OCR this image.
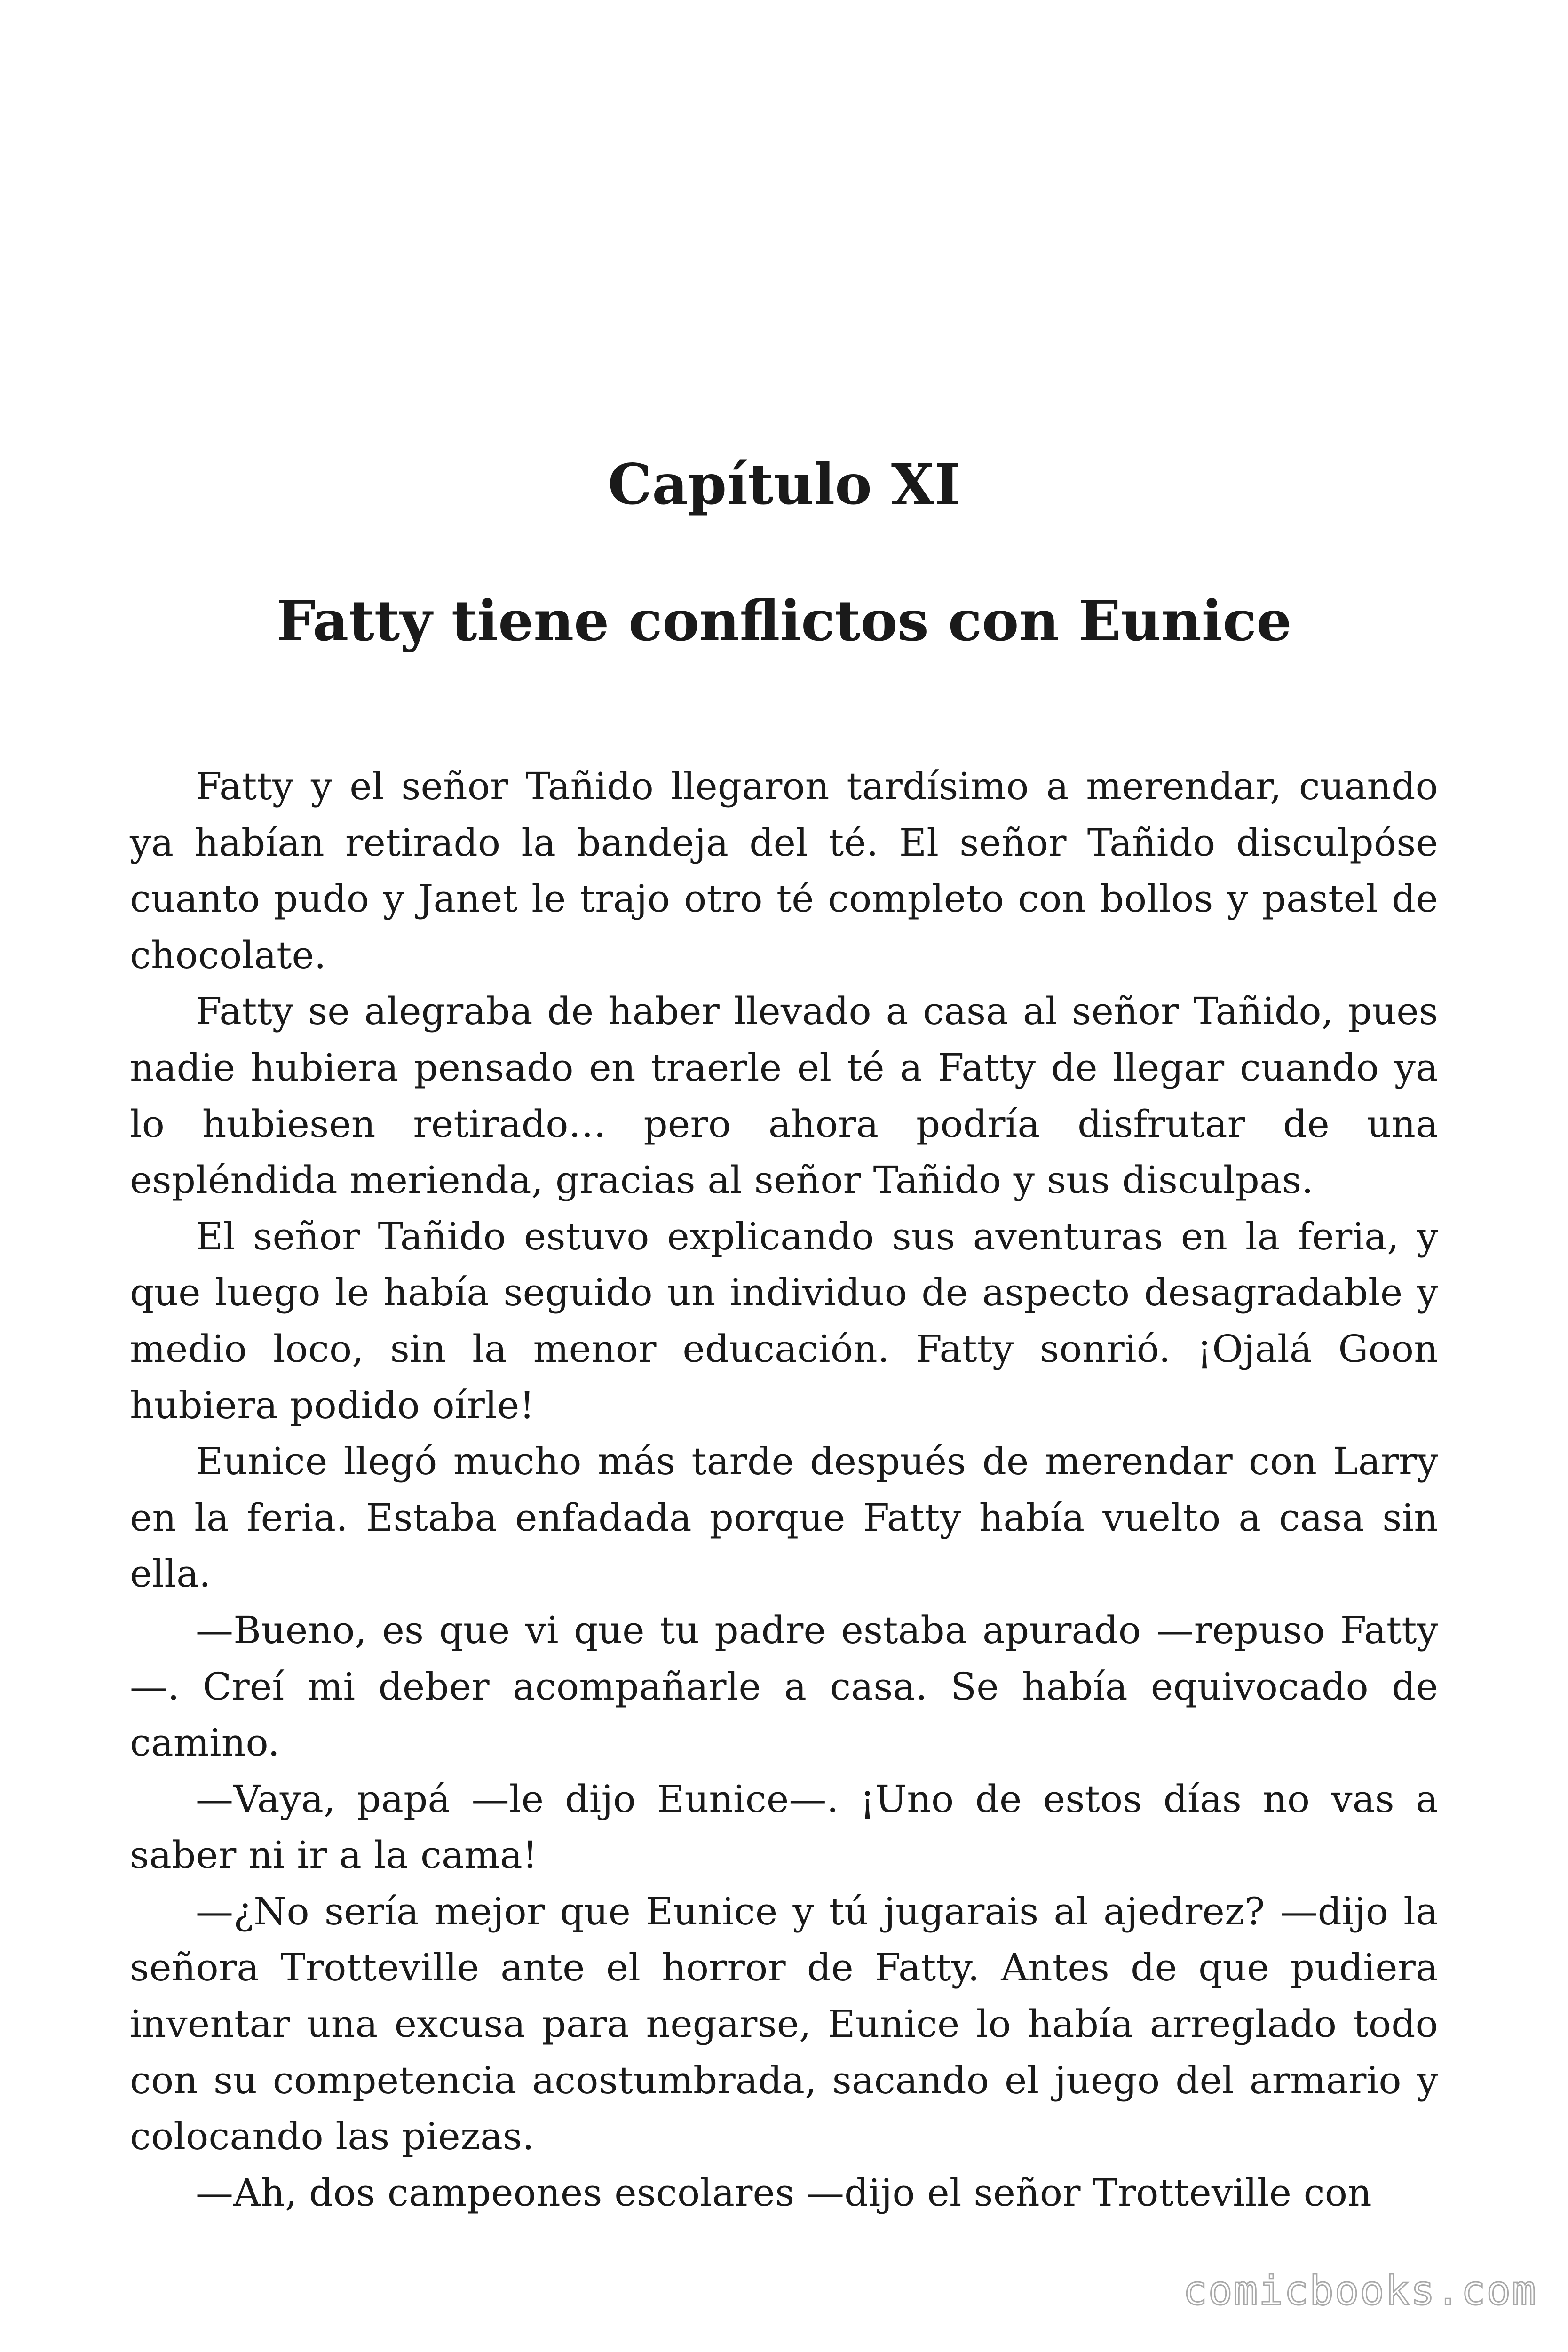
Capítulo XI
Fatty tiene conflictos con Eunice

Fatty y el señor Tañido llegaron tardísimo a merendar, cuando ya habían retirado la bandeja del té. El señor Tañido disculpóse cuanto pudo y Janet le trajo otro té completo con bollos y pastel de chocolate.

Fatty se alegraba de haber llevado a casa al señor Tañido, pues nadie hubiera pensado en traerle el té a Fatty de llegar cuando ya lo hubiesen retirado… pero ahora podría disfrutar de una espléndida merienda, gracias al señor Tañido y sus disculpas.

El señor Tañido estuvo explicando sus aventuras en la feria, y que luego le había seguido un individuo de aspecto desagradable y medio loco, sin la menor educación. Fatty sonrió. ¡Ojalá Goon hubiera podido oírle!

Eunice llegó mucho más tarde después de merendar con Larry en la feria. Estaba enfadada porque Fatty había vuelto a casa sin ella.

—Bueno, es que vi que tu padre estaba apurado —repuso Fatty —. Creí mi deber acompañarle a casa. Se había equivocado de camino.

—Vaya, papá —le dijo Eunice—. ¡Uno de estos días no vas a saber ni ir a la cama!

—¿No sería mejor que Eunice y tú jugarais al ajedrez? —dijo la señora Trotteville ante el horror de Fatty. Antes de que pudiera inventar una excusa para negarse, Eunice lo había arreglado todo con su competencia acostumbrada, sacando el juego del armario y colocando las piezas.

—Ah, dos campeones escolares —dijo el señor Trotteville con

comicbooks.com
